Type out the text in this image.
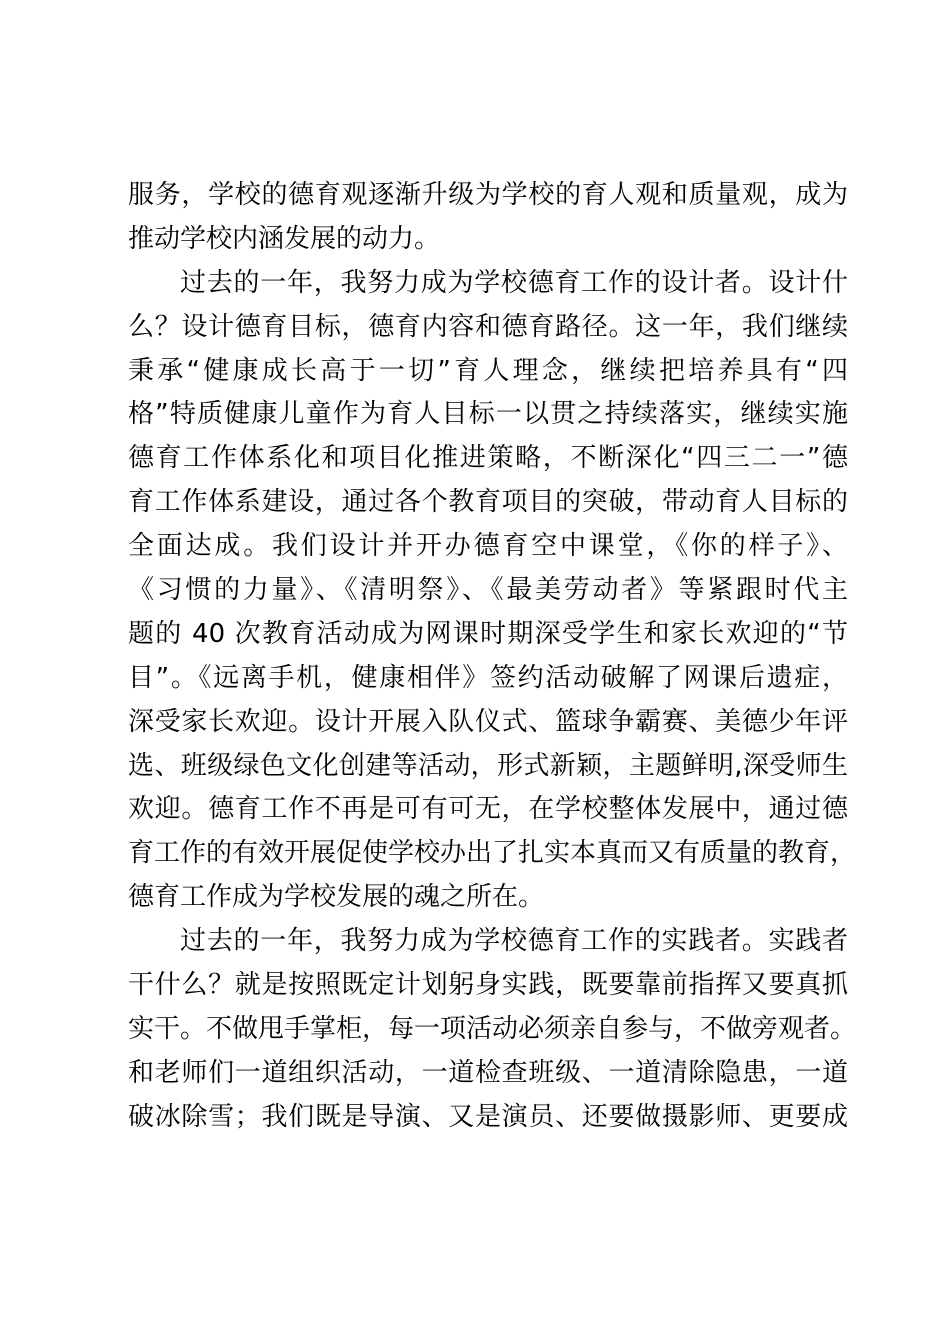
服务，学校的德育观逐渐升级为学校的育人观和质量观，成为
推动学校内涵发展的动力。
过去的一年，我努力成为学校德育工作的设计者。设计什
么？设计德育目标，德育内容和德育路径。这一年，我们继续
秉承“健康成长高于一切”育人理念，继续把培养具有“四
格”特质健康儿童作为育人目标一以贯之持续落实，继续实施
德育工作体系化和项目化推进策略，不断深化“四三二一”德
育工作体系建设，通过各个教育项目的突破，带动育人目标的
全面达成。我们设计并开办德育空中课堂，《你的样子》、
《习惯的力量》、《清明祭》、《最美劳动者》等紧跟时代主
题的 40 次教育活动成为网课时期深受学生和家长欢迎的“节
目”。《远离手机，健康相伴》签约活动破解了网课后遗症，
深受家长欢迎。设计开展入队仪式、篮球争霸赛、美德少年评
选、班级绿色文化创建等活动，形式新颖，主题鲜明,深受师生
欢迎。德育工作不再是可有可无，在学校整体发展中，通过德
育工作的有效开展促使学校办出了扎实本真而又有质量的教育，
德育工作成为学校发展的魂之所在。
过去的一年，我努力成为学校德育工作的实践者。实践者
干什么？就是按照既定计划躬身实践，既要靠前指挥又要真抓
实干。不做甩手掌柜，每一项活动必须亲自参与，不做旁观者。
和老师们一道组织活动，一道检查班级、一道清除隐患，一道
破冰除雪；我们既是导演、又是演员、还要做摄影师、更要成
